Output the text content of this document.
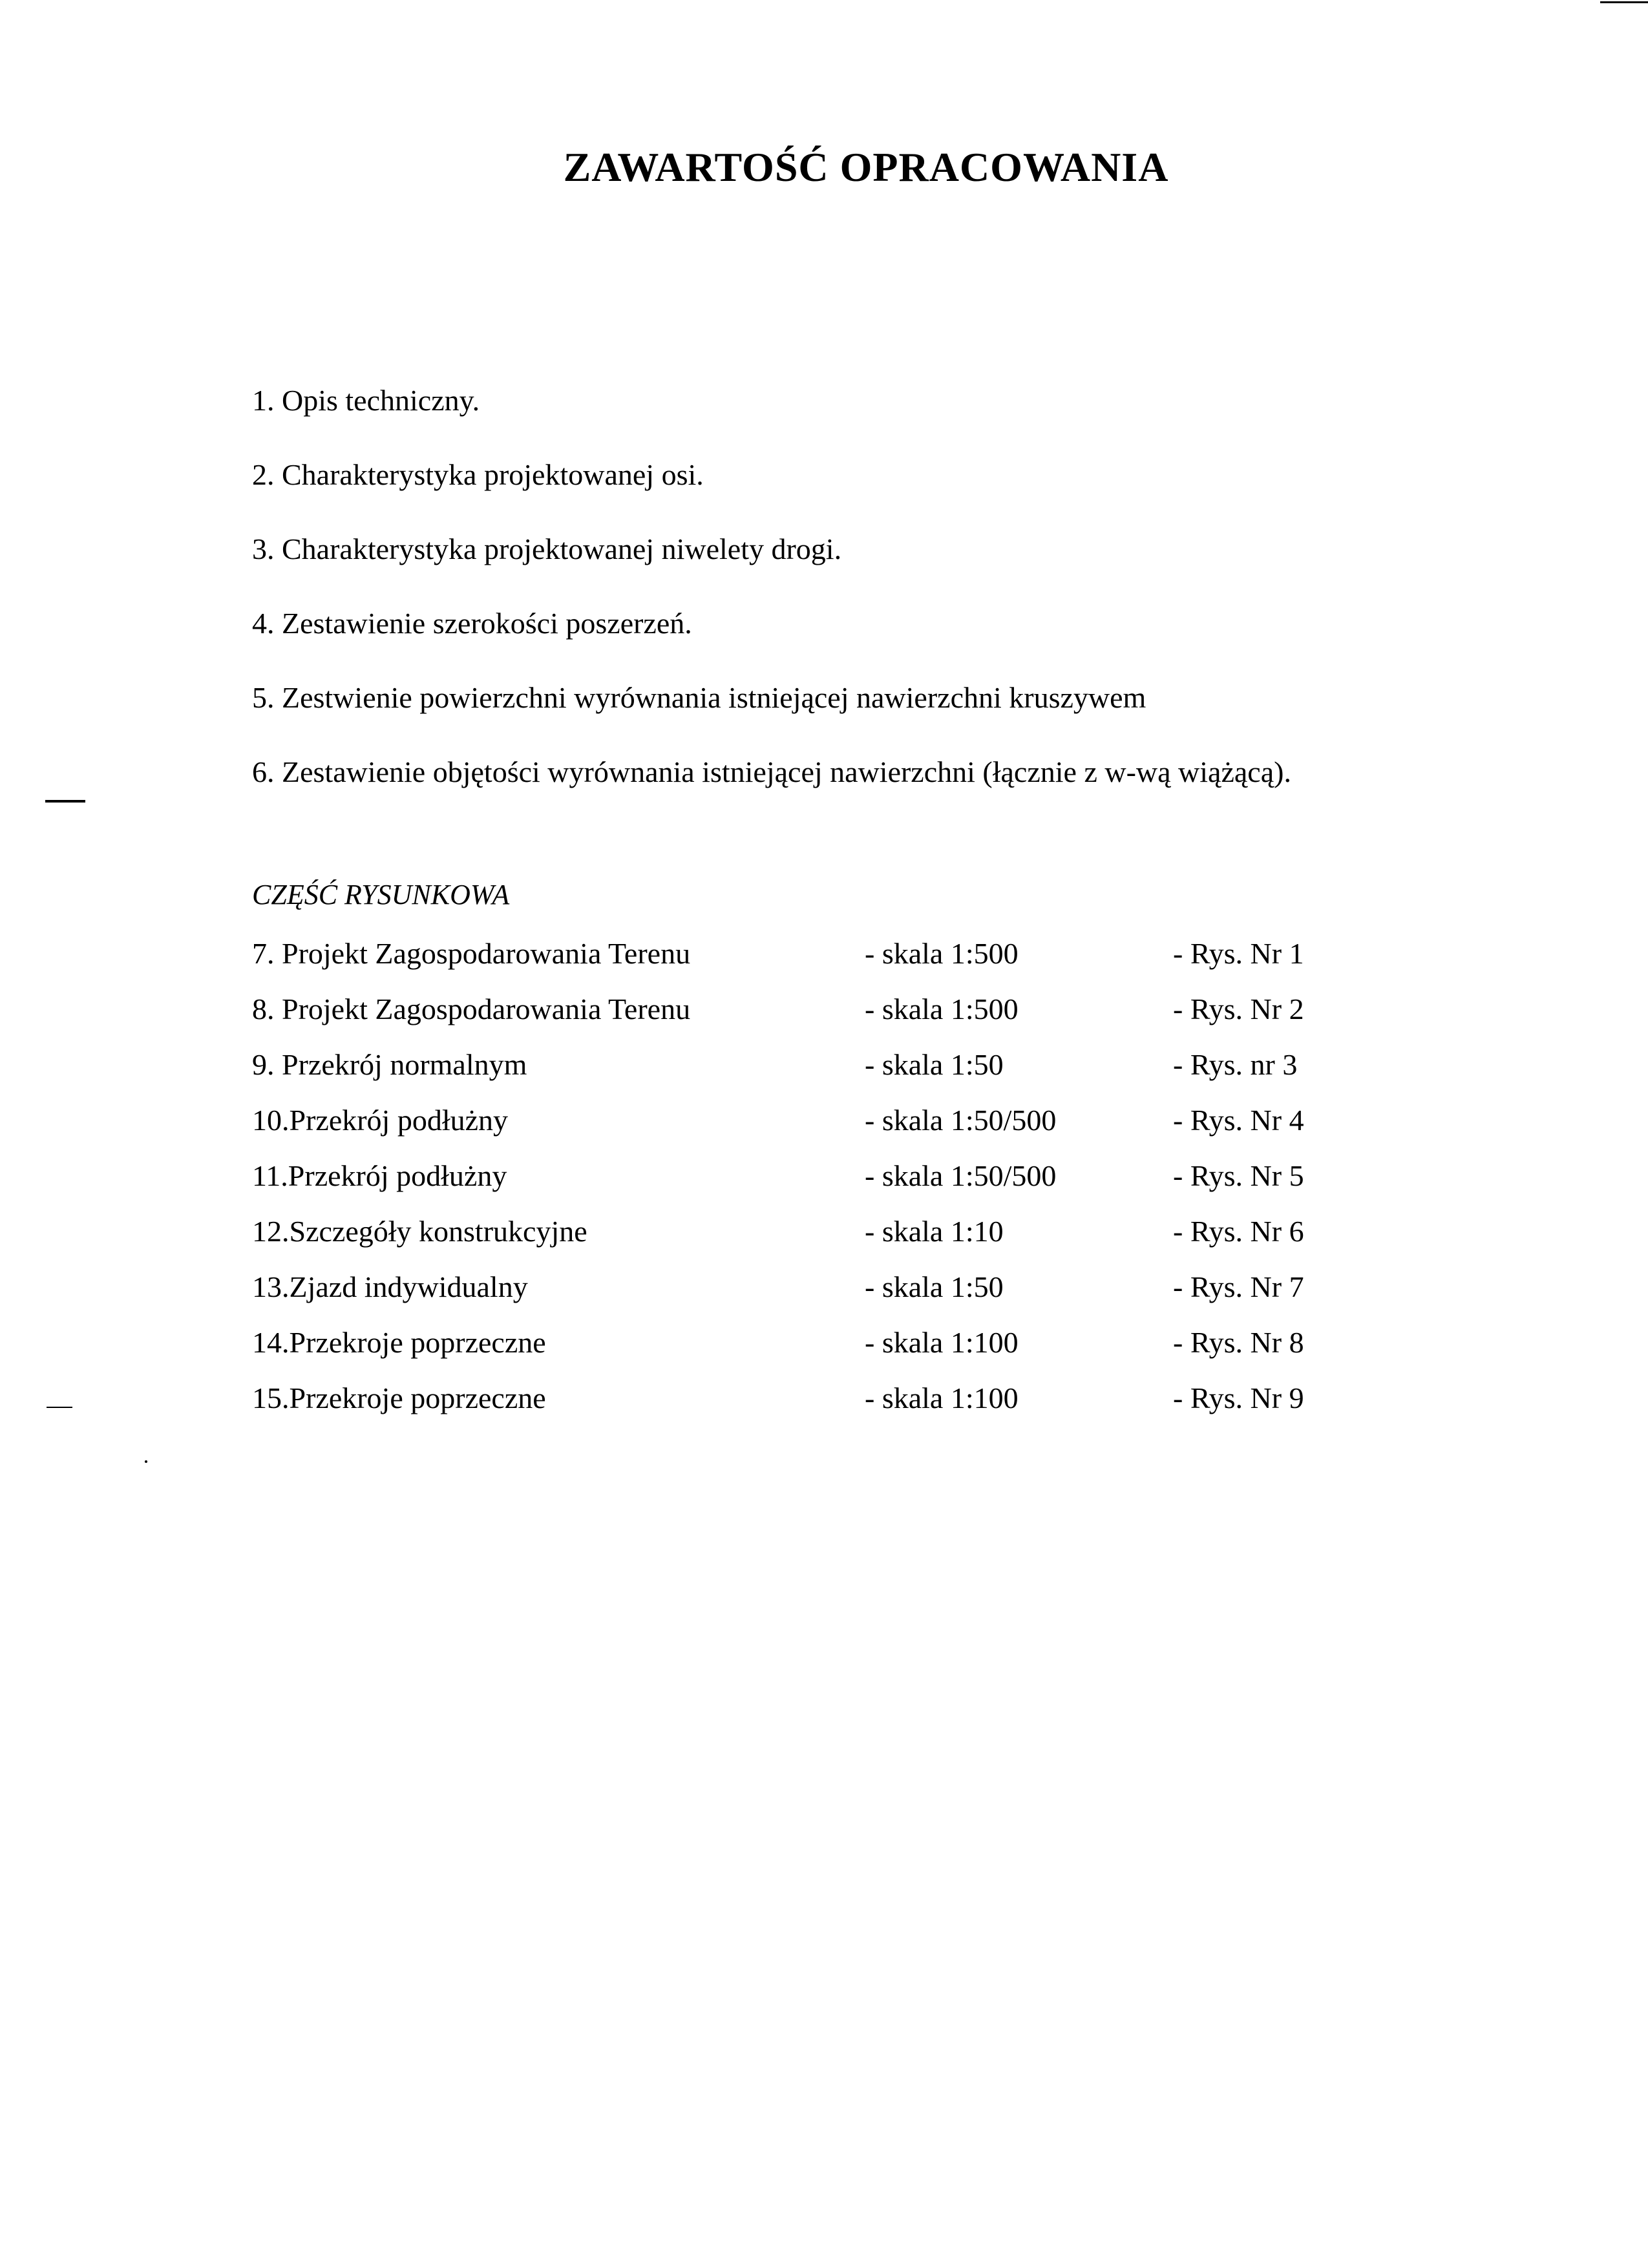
ZAWARTOŚĆ OPRACOWANIA
1. Opis techniczny.
2. Charakterystyka projektowanej osi.
3. Charakterystyka projektowanej niwelety drogi.
4. Zestawienie szerokości poszerzeń.
5. Zestwienie powierzchni wyrównania istniejącej nawierzchni kruszywem
6. Zestawienie objętości wyrównania istniejącej nawierzchni (łącznie z w-wą wiążącą).
CZĘŚĆ RYSUNKOWA
7. Projekt Zagospodarowania Terenu	- skala 1:500	- Rys. Nr 1
8. Projekt Zagospodarowania Terenu	- skala 1:500	- Rys. Nr 2
9. Przekrój normalnym	- skala 1:50	- Rys. nr 3
10.Przekrój podłużny	- skala 1:50/500	- Rys. Nr 4
11.Przekrój podłużny	- skala 1:50/500	- Rys. Nr 5
12.Szczegóły konstrukcyjne	- skala 1:10	- Rys. Nr 6
13.Zjazd indywidualny	- skala 1:50	- Rys. Nr 7
14.Przekroje poprzeczne	- skala 1:100	- Rys. Nr 8
15.Przekroje poprzeczne	- skala 1:100	- Rys. Nr 9
